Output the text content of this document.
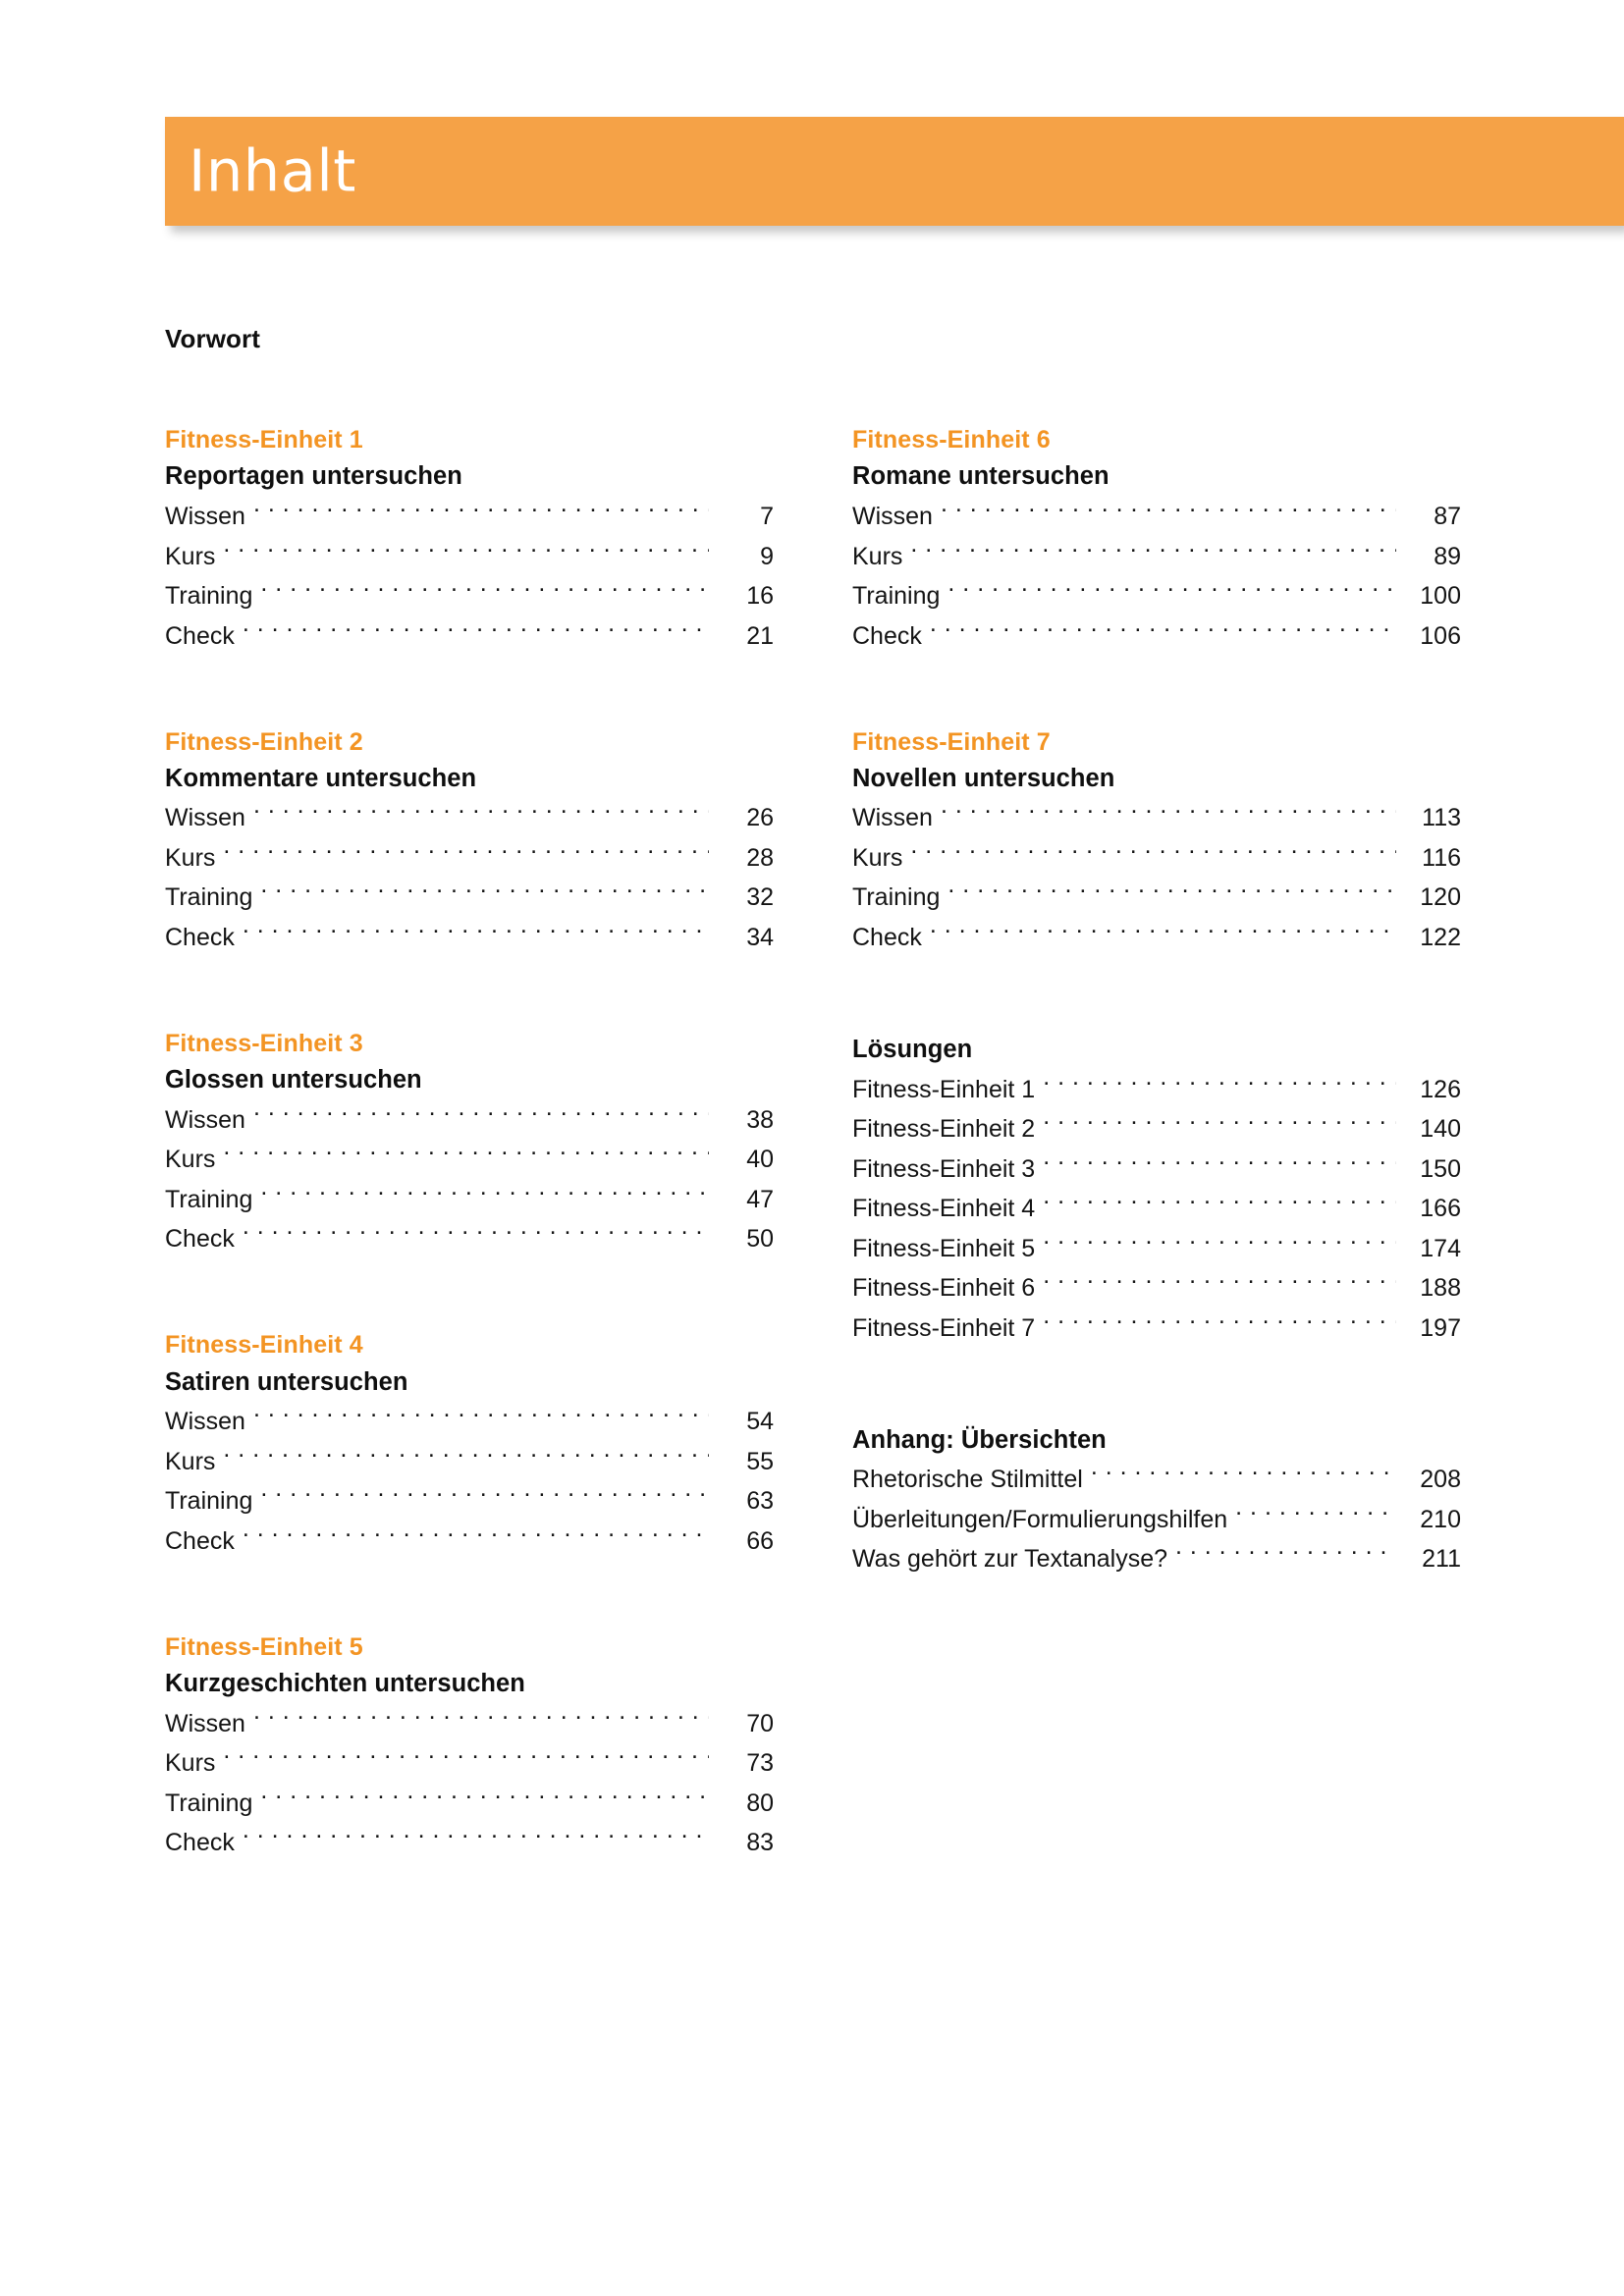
Inhalt
Vorwort
Fitness-Einheit 1
Reportagen untersuchen
Wissen . . .	7
Kurs . . .	9
Training . . .	16
Check . . .	21
Fitness-Einheit 2
Kommentare untersuchen
Wissen . . .	26
Kurs . . .	28
Training . . .	32
Check . . .	34
Fitness-Einheit 3
Glossen untersuchen
Wissen . . .	38
Kurs . . .	40
Training . . .	47
Check . . .	50
Fitness-Einheit 4
Satiren untersuchen
Wissen . . .	54
Kurs . . .	55
Training . . .	63
Check . . .	66
Fitness-Einheit 5
Kurzgeschichten untersuchen
Wissen . . .	70
Kurs . . .	73
Training . . .	80
Check . . .	83

Fitness-Einheit 6
Romane untersuchen
Wissen . . .	87
Kurs . . .	89
Training . . .	100
Check . . .	106
Fitness-Einheit 7
Novellen untersuchen
Wissen . . .	113
Kurs . . .	116
Training . . .	120
Check . . .	122
Lösungen
Fitness-Einheit 1 . . .	126
Fitness-Einheit 2 . . .	140
Fitness-Einheit 3 . . .	150
Fitness-Einheit 4 . . .	166
Fitness-Einheit 5 . . .	174
Fitness-Einheit 6 . . .	188
Fitness-Einheit 7 . . .	197
Anhang: Übersichten
Rhetorische Stilmittel . . .	208
Überleitungen/Formulierungshilfen . . .	210
Was gehört zur Textanalyse? . . .	211
